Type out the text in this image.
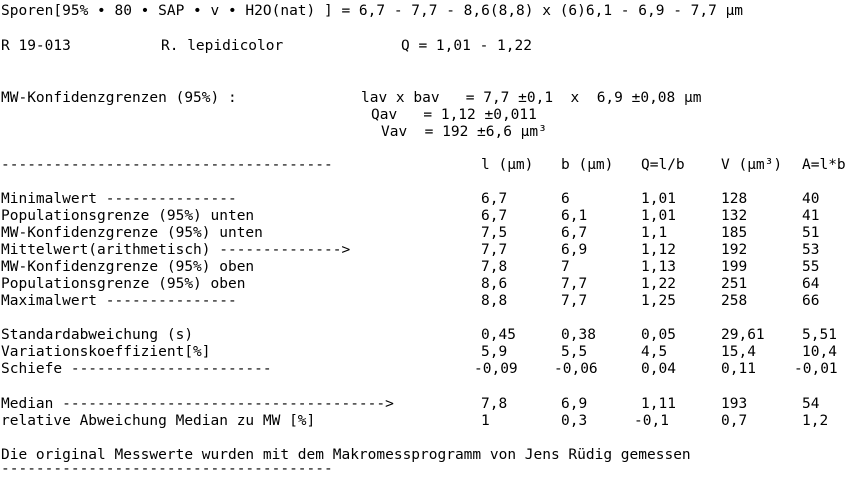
Sporen[95% • 80 • SAP • v • H2O(nat) ] = 6,7 - 7,7 - 8,6(8,8) x (6)6,1 - 6,9 - 7,7 µm
R 19-013	R. lepidicolor	Q = 1,01 - 1,22
MW-Konfidenzgrenzen (95%) :	lav x bav   = 7,7 ±0,1  x  6,9 ±0,08 µm
Qav   = 1,12 ±0,011
Vav  = 192 ±6,6 µm³
--------------------------------------	l (µm) b (µm) Q=l/b	V (µm³) A=l*b
Minimalwert ---------------	6,7	6	1,01	128	40
Populationsgrenze (95%) unten	6,7	6,1	1,01	132	41
MW-Konfidenzgrenze (95%) unten	7,5	6,7	1,1	185	51
Mittelwert(arithmetisch) -------------->	7,7	6,9	1,12	192	53
MW-Konfidenzgrenze (95%) oben	7,8	7	1,13	199	55
Populationsgrenze (95%) oben	8,6	7,7	1,22	251	64
Maximalwert ---------------	8,8	7,7	1,25	258	66
Standardabweichung (s)	0,45	0,38	0,05	29,61	5,51
Variationskoeffizient[%]	5,9	5,5	4,5	15,4	10,4
Schiefe -----------------------	-0,09	-0,06	0,04	0,11	-0,01
Median ------------------------------------->	7,8	6,9	1,11	193	54
relative Abweichung Median zu MW [%]	1	0,3	-0,1	0,7	1,2
Die original Messwerte wurden mit dem Makromessprogramm von Jens Rüdig gemessen
--------------------------------------
